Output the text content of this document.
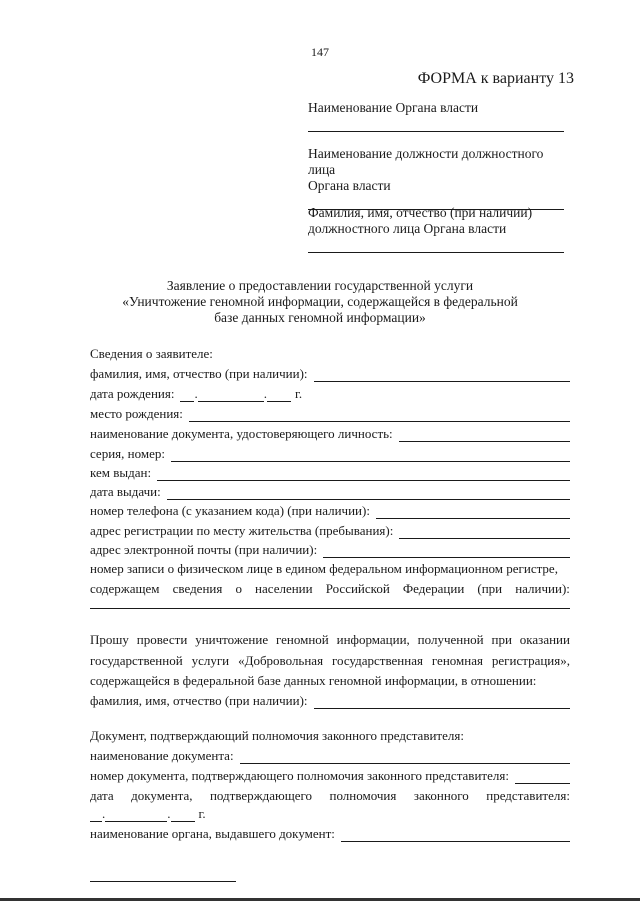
147
ФОРМА к варианту 13
Наименование Органа власти
Наименование должности должностного лица
Органа власти
Фамилия, имя, отчество (при наличии)
должностного лица Органа власти
Заявление о предоставлении государственной услуги
«Уничтожение геномной информации, содержащейся в федеральной
базе данных геномной информации»
Сведения о заявителе:
фамилия, имя, отчество (при наличии):
дата рождения: .	. г.
место рождения:
наименование документа, удостоверяющего личность:
серия, номер:
кем выдан:
дата выдачи:
номер телефона (с указанием кода) (при наличии):
адрес регистрации по месту жительства (пребывания):
адрес электронной почты (при наличии):
номер записи о физическом лице в едином федеральном информационном регистре,
содержащем сведения о населении Российской Федерации (при наличии):
Прошу провести уничтожение геномной информации, полученной при оказании
государственной услуги «Добровольная государственная геномная регистрация»,
содержащейся в федеральной базе данных геномной информации, в отношении:
фамилия, имя, отчество (при наличии):
Документ, подтверждающий полномочия законного представителя:
наименование документа:
номер документа, подтверждающего полномочия законного представителя:
дата документа, подтверждающего полномочия законного представителя:
.	. г.
наименование органа, выдавшего документ:
